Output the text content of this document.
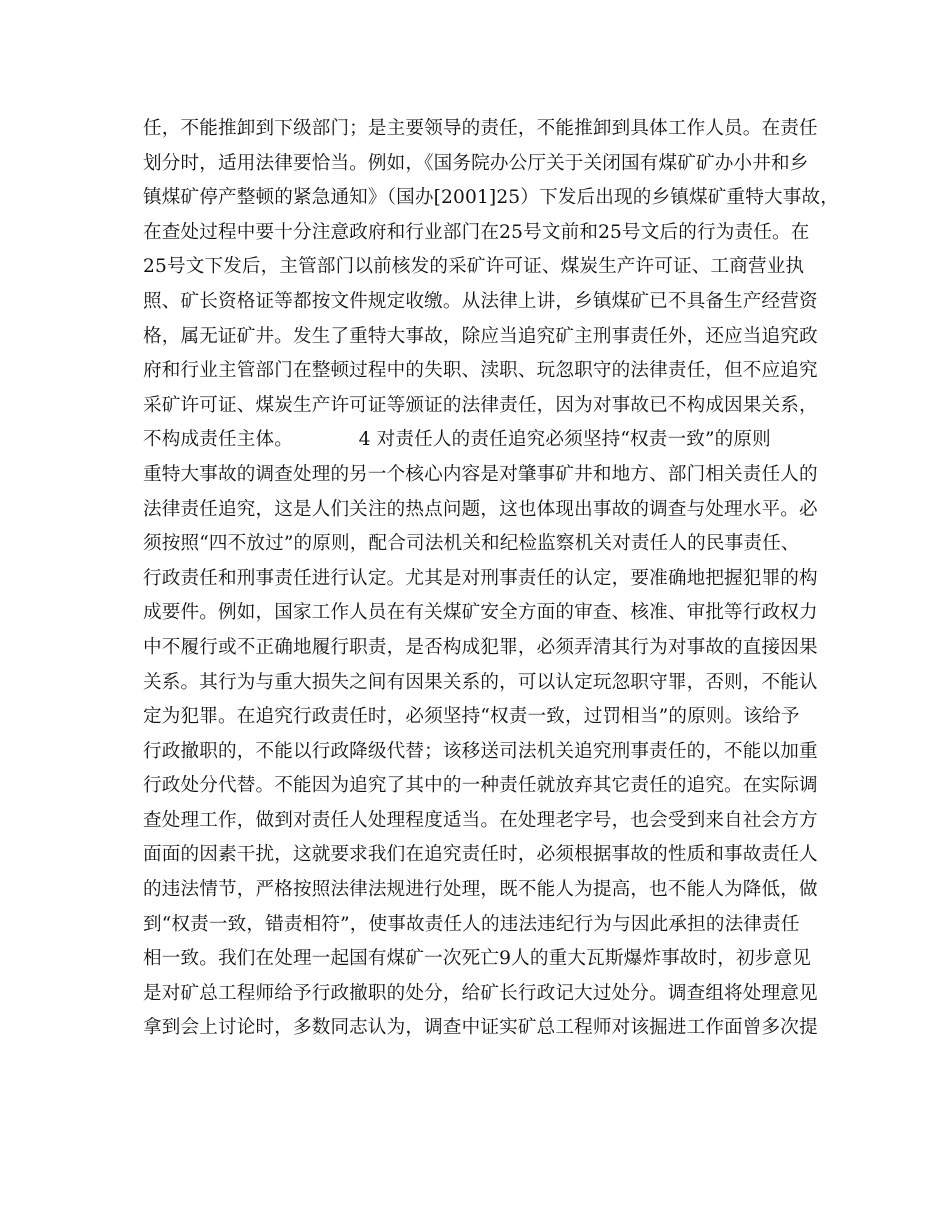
任，不能推卸到下级部门；是主要领导的责任，不能推卸到具体工作人员。在责任
划分时，适用法律要恰当。例如，《国务院办公厅关于关闭国有煤矿矿办小井和乡
镇煤矿停产整顿的紧急通知》（国办[2001]25）下发后出现的乡镇煤矿重特大事故，
在查处过程中要十分注意政府和行业部门在25号文前和25号文后的行为责任。在
25号文下发后，主管部门以前核发的采矿许可证、煤炭生产许可证、工商营业执
照、矿长资格证等都按文件规定收缴。从法律上讲，乡镇煤矿已不具备生产经营资
格，属无证矿井。发生了重特大事故，除应当追究矿主刑事责任外，还应当追究政
府和行业主管部门在整顿过程中的失职、渎职、玩忽职守的法律责任，但不应追究
采矿许可证、煤炭生产许可证等颁证的法律责任，因为对事故已不构成因果关系，
不构成责任主体。　　　　4 对责任人的责任追究必须坚持“权责一致”的原则
重特大事故的调查处理的另一个核心内容是对肇事矿井和地方、部门相关责任人的
法律责任追究，这是人们关注的热点问题，这也体现出事故的调查与处理水平。必
须按照“四不放过”的原则，配合司法机关和纪检监察机关对责任人的民事责任、
行政责任和刑事责任进行认定。尤其是对刑事责任的认定，要准确地把握犯罪的构
成要件。例如，国家工作人员在有关煤矿安全方面的审查、核准、审批等行政权力
中不履行或不正确地履行职责，是否构成犯罪，必须弄清其行为对事故的直接因果
关系。其行为与重大损失之间有因果关系的，可以认定玩忽职守罪，否则，不能认
定为犯罪。在追究行政责任时，必须坚持“权责一致，过罚相当”的原则。该给予
行政撤职的，不能以行政降级代替；该移送司法机关追究刑事责任的，不能以加重
行政处分代替。不能因为追究了其中的一种责任就放弃其它责任的追究。在实际调
查处理工作，做到对责任人处理程度适当。在处理老字号，也会受到来自社会方方
面面的因素干扰，这就要求我们在追究责任时，必须根据事故的性质和事故责任人
的违法情节，严格按照法律法规进行处理，既不能人为提高，也不能人为降低，做
到“权责一致，错责相符”，使事故责任人的违法违纪行为与因此承担的法律责任
相一致。我们在处理一起国有煤矿一次死亡9人的重大瓦斯爆炸事故时，初步意见
是对矿总工程师给予行政撤职的处分，给矿长行政记大过处分。调查组将处理意见
拿到会上讨论时，多数同志认为，调查中证实矿总工程师对该掘进工作面曾多次提
